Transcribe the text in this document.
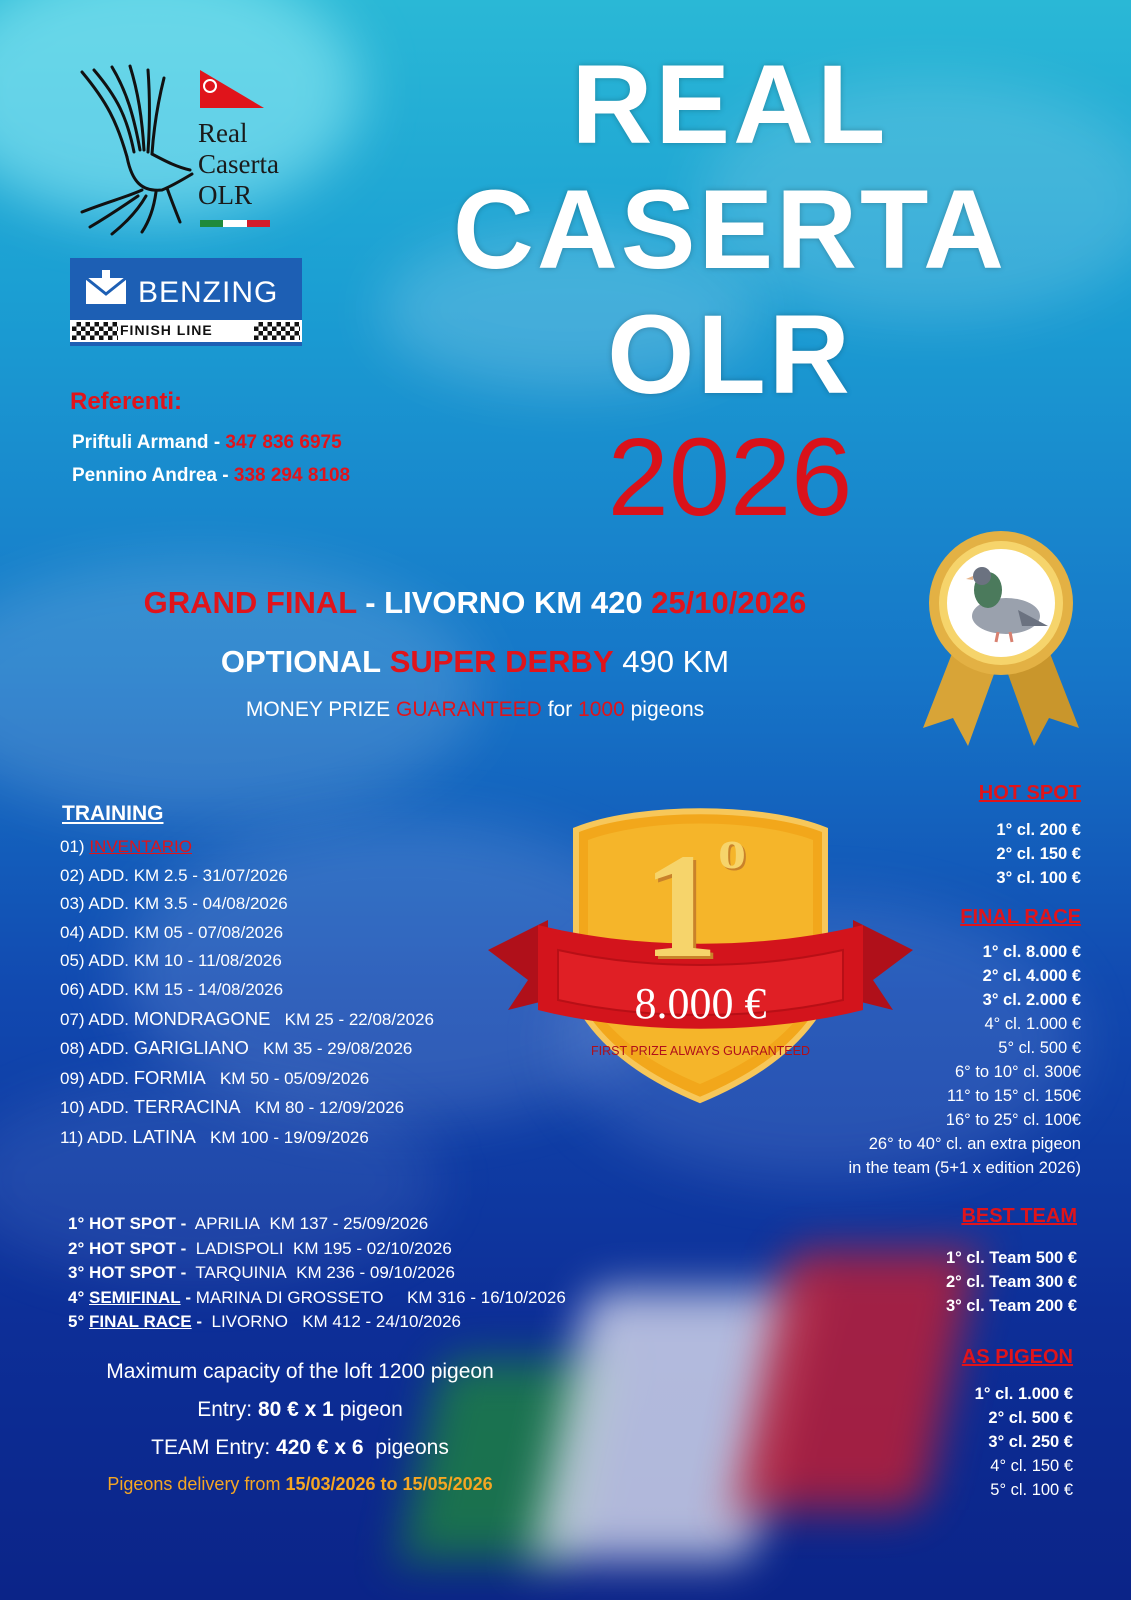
Real
Caserta
OLR
BENZING
FINISH LINE
Referenti:
Priftuli Armand - 347 836 6975
Pennino Andrea - 338 294 8108
REAL
CASERTA
OLR
2026
GRAND FINAL - LIVORNO KM 420 25/10/2026
OPTIONAL SUPER DERBY 490 KM
MONEY PRIZE GUARANTEED for 1000 pigeons
TRAINING
01) INVENTARIO
02) ADD. KM 2.5 - 31/07/2026
03) ADD. KM 3.5 - 04/08/2026
04) ADD. KM 05 - 07/08/2026
05) ADD. KM 10 - 11/08/2026
06) ADD. KM 15 - 14/08/2026
07) ADD. MONDRAGONE KM 25 - 22/08/2026
08) ADD. GARIGLIANO KM 35 - 29/08/2026
09) ADD. FORMIA KM 50 - 05/09/2026
10) ADD. TERRACINA KM 80 - 12/09/2026
11) ADD. LATINA KM 100 - 19/09/2026
1 o
8.000 €
FIRST PRIZE ALWAYS GUARANTEED
HOT SPOT
1° cl. 200 €
2° cl. 150 €
3° cl. 100 €
FINAL RACE
1° cl. 8.000 €
2° cl. 4.000 €
3° cl. 2.000 €
4° cl. 1.000 €
5° cl. 500 €
6° to 10° cl. 300€
11° to 15° cl. 150€
16° to 25° cl. 100€
26° to 40° cl. an extra pigeon
in the team (5+1 x edition 2026)
1° HOT SPOT - APRILIA KM 137 - 25/09/2026
2° HOT SPOT - LADISPOLI KM 195 - 02/10/2026
3° HOT SPOT - TARQUINIA KM 236 - 09/10/2026
4° SEMIFINAL - MARINA DI GROSSETO KM 316 - 16/10/2026
5° FINAL RACE - LIVORNO KM 412 - 24/10/2026
BEST TEAM
1° cl. Team 500 €
2° cl. Team 300 €
3° cl. Team 200 €
AS PIGEON
1° cl. 1.000 €
2° cl. 500 €
3° cl. 250 €
4° cl. 150 €
5° cl. 100 €
Maximum capacity of the loft 1200 pigeon
Entry: 80 € x 1 pigeon
TEAM Entry: 420 € x 6 pigeons
Pigeons delivery from 15/03/2026 to 15/05/2026
